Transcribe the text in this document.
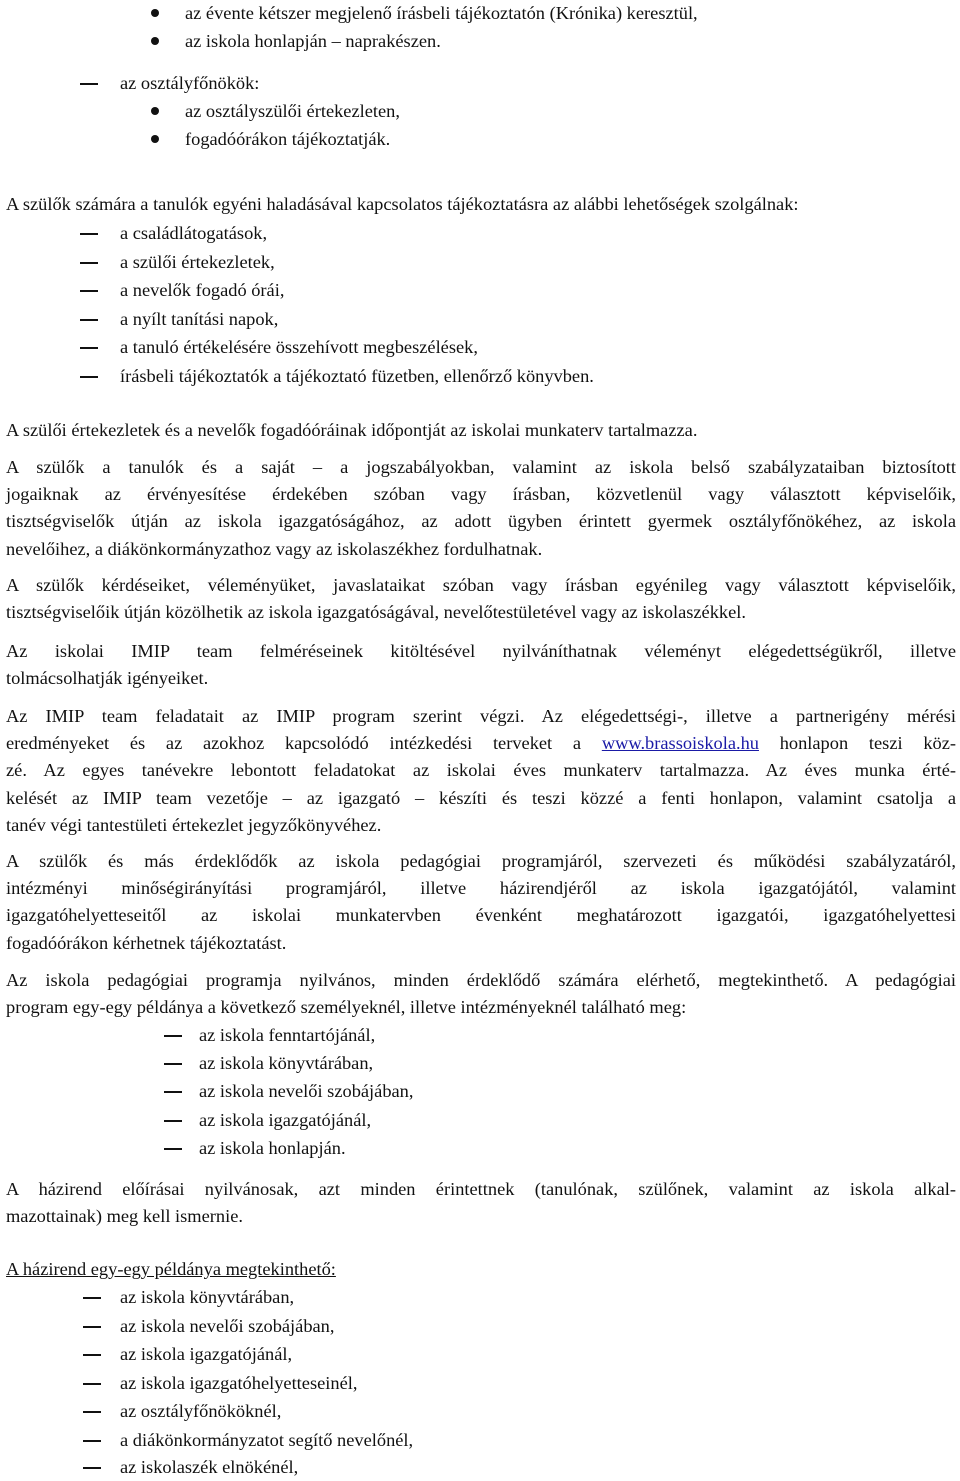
az évente kétszer megjelenő írásbeli tájékoztatón (Krónika) keresztül,
az iskola honlapján – naprakészen.
az osztályfőnökök:
az osztályszülői értekezleten,
fogadóórákon tájékoztatják.
A szülők számára a tanulók egyéni haladásával kapcsolatos tájékoztatásra az alábbi lehetőségek szolgálnak:
a családlátogatások,
a szülői értekezletek,
a nevelők fogadó órái,
a nyílt tanítási napok,
a tanuló értékelésére összehívott megbeszélések,
írásbeli tájékoztatók a tájékoztató füzetben, ellenőrző könyvben.
A szülői értekezletek és a nevelők fogadóóráinak időpontját az iskolai munkaterv tartalmazza.
A szülők a tanulók és a saját – a jogszabályokban, valamint az iskola belső szabályzataiban biztosított
jogaiknak az érvényesítése érdekében szóban vagy írásban, közvetlenül vagy választott képviselőik,
tisztségviselők útján az iskola igazgatóságához, az adott ügyben érintett gyermek osztályfőnökéhez, az iskola
nevelőihez, a diákönkormányzathoz vagy az iskolaszékhez fordulhatnak.
A szülők kérdéseiket, véleményüket, javaslataikat szóban vagy írásban egyénileg vagy választott képviselőik,
tisztségviselőik útján közölhetik az iskola igazgatóságával, nevelőtestületével vagy az iskolaszékkel.
Az iskolai IMIP team felméréseinek kitöltésével nyilváníthatnak véleményt elégedettségükről, illetve
tolmácsolhatják igényeiket.
Az IMIP team feladatait az IMIP program szerint végzi. Az elégedettségi-, illetve a partnerigény mérési
eredményeket és az azokhoz kapcsolódó intézkedési terveket a www.brassoiskola.hu honlapon teszi köz-
zé. Az egyes tanévekre lebontott feladatokat az iskolai éves munkaterv tartalmazza. Az éves munka érté-
kelését az IMIP team vezetője – az igazgató – készíti és teszi közzé a fenti honlapon, valamint csatolja a
tanév végi tantestületi értekezlet jegyzőkönyvéhez.
A szülők és más érdeklődők az iskola pedagógiai programjáról, szervezeti és működési szabályzatáról,
intézményi minőségirányítási programjáról, illetve házirendjéről az iskola igazgatójától, valamint
igazgatóhelyetteseitől az iskolai munkatervben évenként meghatározott igazgatói, igazgatóhelyettesi
fogadóórákon kérhetnek tájékoztatást.
Az iskola pedagógiai programja nyilvános, minden érdeklődő számára elérhető, megtekinthető. A pedagógiai
program egy-egy példánya a következő személyeknél, illetve intézményeknél található meg:
az iskola fenntartójánál,
az iskola könyvtárában,
az iskola nevelői szobájában,
az iskola igazgatójánál,
az iskola honlapján.
A házirend előírásai nyilvánosak, azt minden érintettnek (tanulónak, szülőnek, valamint az iskola alkal-
mazottainak) meg kell ismernie.
A házirend egy-egy példánya megtekinthető:
az iskola könyvtárában,
az iskola nevelői szobájában,
az iskola igazgatójánál,
az iskola igazgatóhelyetteseinél,
az osztályfőnököknél,
a diákönkormányzatot segítő nevelőnél,
az iskolaszék elnökénél,
